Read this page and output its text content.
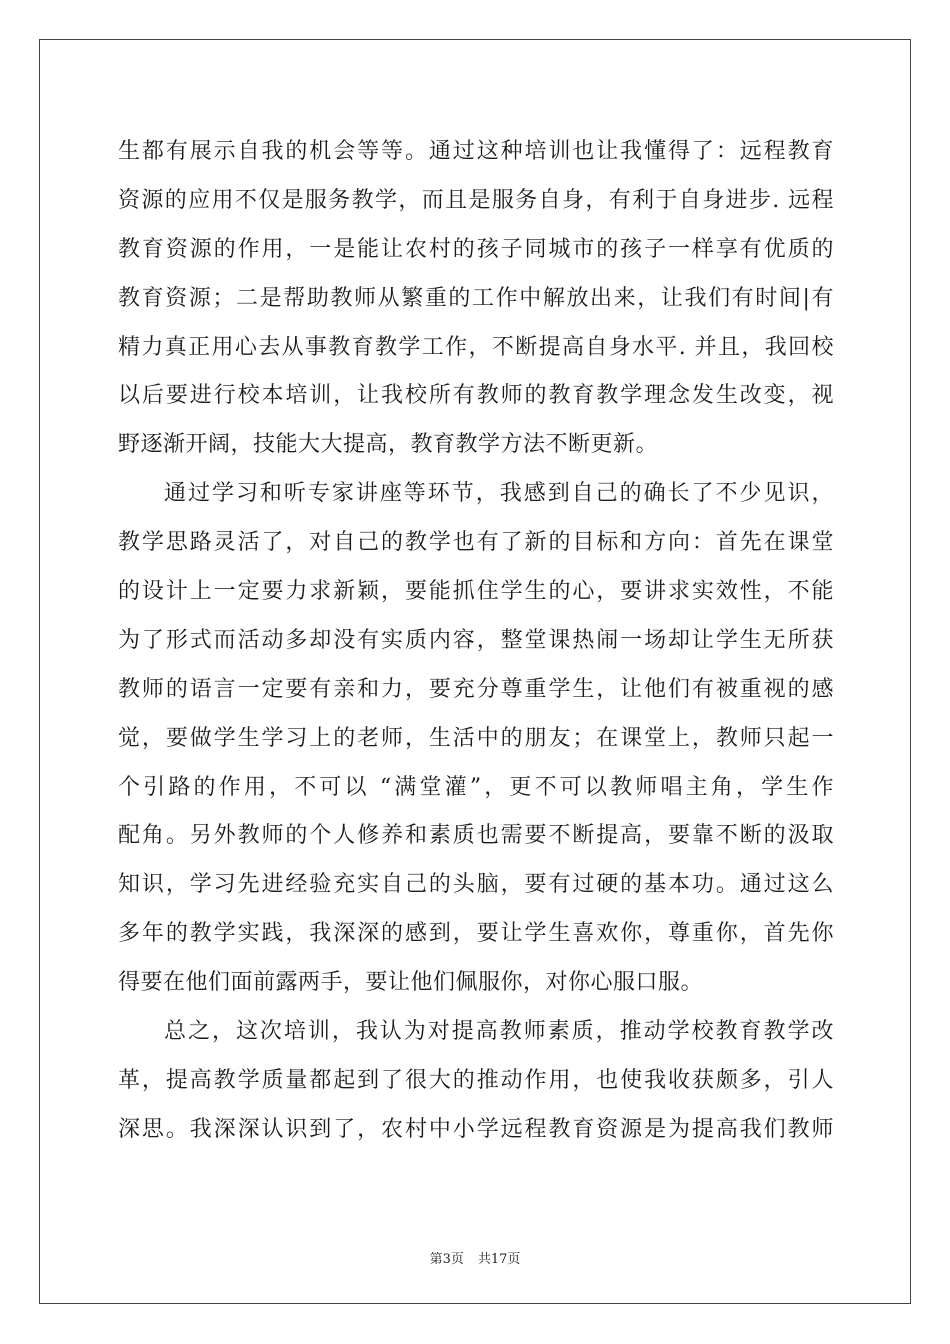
生都有展示自我的机会等等。通过这种培训也让我懂得了：远程教育
资源的应用不仅是服务教学，而且是服务自身，有利于自身进步. 远程
教育资源的作用，一是能让农村的孩子同城市的孩子一样享有优质的
教育资源；二是帮助教师从繁重的工作中解放出来，让我们有时间|有
精力真正用心去从事教育教学工作，不断提高自身水平. 并且，我回校
以后要进行校本培训，让我校所有教师的教育教学理念发生改变，视
野逐渐开阔，技能大大提高，教育教学方法不断更新。
通过学习和听专家讲座等环节，我感到自己的确长了不少见识，
教学思路灵活了，对自己的教学也有了新的目标和方向：首先在课堂
的设计上一定要力求新颖，要能抓住学生的心，要讲求实效性，不能
为了形式而活动多却没有实质内容，整堂课热闹一场却让学生无所获
教师的语言一定要有亲和力，要充分尊重学生，让他们有被重视的感
觉，要做学生学习上的老师，生活中的朋友；在课堂上，教师只起一
个引路的作用，不可以 “满堂灌”，更不可以教师唱主角，学生作
配角。另外教师的个人修养和素质也需要不断提高，要靠不断的汲取
知识，学习先进经验充实自己的头脑，要有过硬的基本功。通过这么
多年的教学实践，我深深的感到，要让学生喜欢你，尊重你，首先你
得要在他们面前露两手，要让他们佩服你，对你心服口服。
总之，这次培训，我认为对提高教师素质，推动学校教育教学改
革，提高教学质量都起到了很大的推动作用，也使我收获颇多，引人
深思。我深深认识到了，农村中小学远程教育资源是为提高我们教师
第3页 共17页
